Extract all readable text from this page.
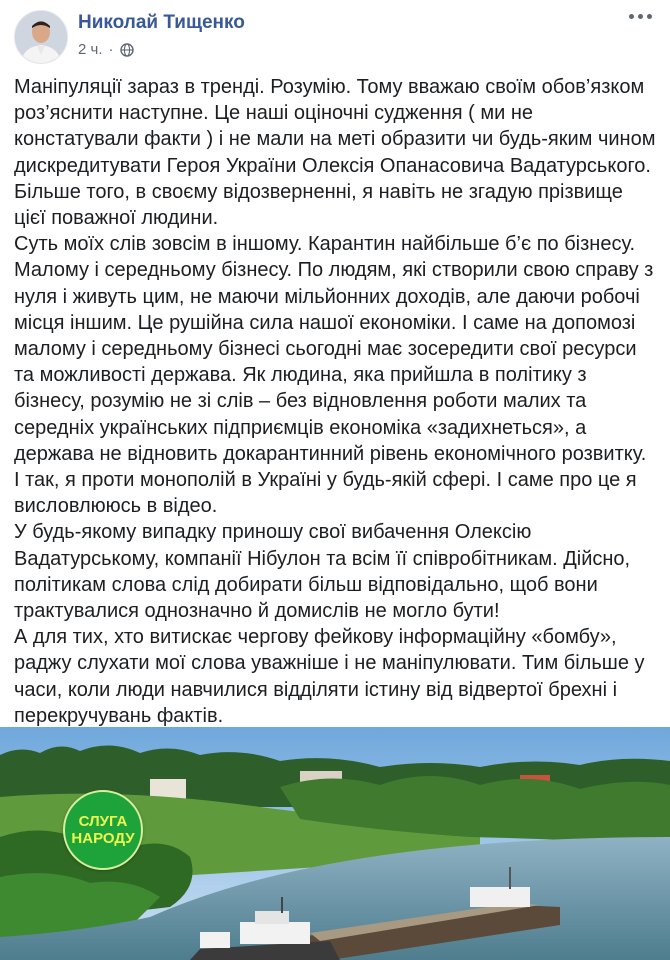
Николай Тищенко
2 ч. ·

Маніпуляції зараз в тренді. Розумію. Тому вважаю своїм обов’язком роз’яснити наступне. Це наші оціночні судження ( ми не констатували факти ) і не мали на меті образити чи будь-яким чином дискредитувати Героя України Олексія Опанасовича Вадатурського. Більше того, в своєму відозверненні, я навіть не згадую прізвище цієї поважної людини.

Суть моїх слів зовсім в іншому. Карантин найбільше б’є по бізнесу. Малому і середньому бізнесу. По людям, які створили свою справу з нуля і живуть цим, не маючи мільйонних доходів, але даючи робочі місця іншим. Це рушійна сила нашої економіки. І саме на допомозі малому і середньому бізнесі сьогодні має зосередити свої ресурси та можливості держава. Як людина, яка прийшла в політику з бізнесу, розумію не зі слів – без відновлення роботи малих та середніх українських підприємців економіка «задихнеться», а держава не відновить докарантинний рівень економічного розвитку.

І так, я проти монополій в Україні у будь-якій сфері. І саме про це я висловлююсь в відео.

У будь-якому випадку приношу свої вибачення Олексію Вадатурському, компанії Нібулон та всім її співробітникам. Дійсно, політикам слова слід добирати більш відповідально, щоб вони трактувалися однозначно й домислів не могло бути!

А для тих, хто витискає чергову фейкову інформаційну «бомбу», раджу слухати мої слова уважніше і не маніпулювати. Тим більше у часи, коли люди навчилися відділяти істину від відвертої брехні і перекручувань фактів.

СЛУГА
НАРОДУ
